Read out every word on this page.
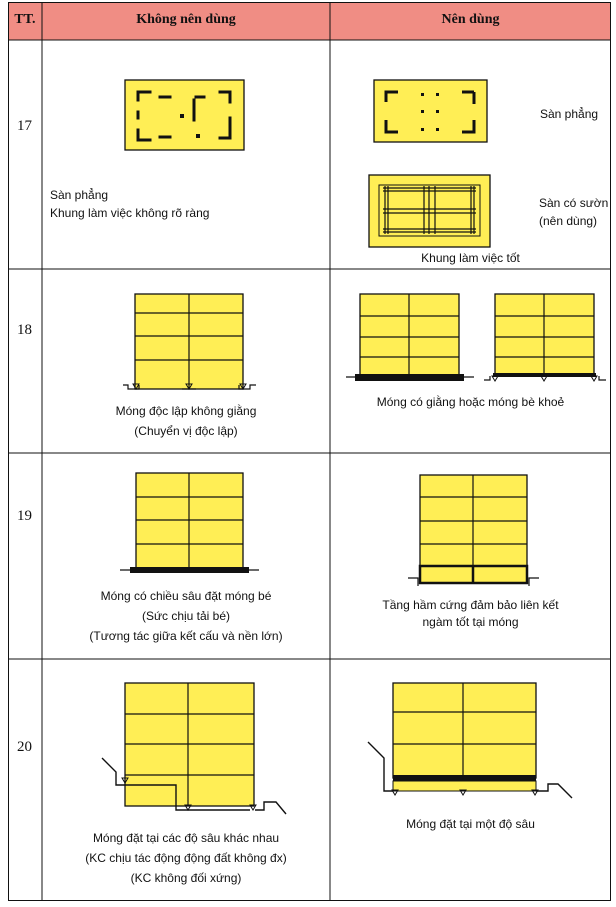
TT.	Không nên dùng	Nên dùng
17
18
19
20
Sàn phẳng
Khung làm việc không rõ ràng
Sàn phẳng
Sàn có sườn
(nên dùng)
Khung làm việc tốt
Móng độc lập không giằng
(Chuyển vị độc lập)
Móng có giằng hoặc móng bè khoẻ
Móng có chiều sâu đặt móng bé
(Sức chịu tải bé)
(Tương tác giữa kết cấu và nền lớn)
Tầng hầm cứng đảm bảo liên kết
ngàm tốt tại móng
Móng đặt tại các độ sâu khác nhau
(KC chịu tác động động đất không đx)
(KC không đối xứng)
Móng đặt tại một độ sâu
